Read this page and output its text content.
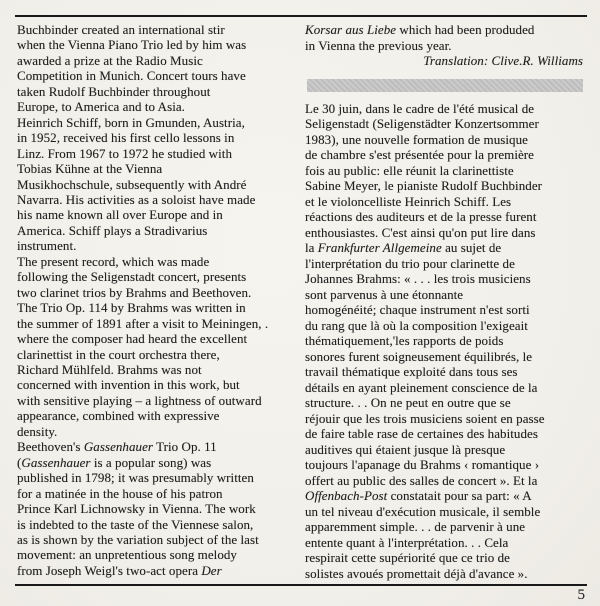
Buchbinder created an international stir
when the Vienna Piano Trio led by him was
awarded a prize at the Radio Music
Competition in Munich. Concert tours have
taken Rudolf Buchbinder throughout
Europe, to America and to Asia.
Heinrich Schiff, born in Gmunden, Austria,
in 1952, received his first cello lessons in
Linz. From 1967 to 1972 he studied with
Tobias Kühne at the Vienna
Musikhochschule, subsequently with André
Navarra. His activities as a soloist have made
his name known all over Europe and in
America. Schiff plays a Stradivarius
instrument.
The present record, which was made
following the Seligenstadt concert, presents
two clarinet trios by Brahms and Beethoven.
The Trio Op. 114 by Brahms was written in
the summer of 1891 after a visit to Meiningen, .
where the composer had heard the excellent
clarinettist in the court orchestra there,
Richard Mühlfeld. Brahms was not
concerned with invention in this work, but
with sensitive playing – a lightness of outward
appearance, combined with expressive
density.
Beethoven's Gassenhauer Trio Op. 11
(Gassenhauer is a popular song) was
published in 1798; it was presumably written
for a matinée in the house of his patron
Prince Karl Lichnowsky in Vienna. The work
is indebted to the taste of the Viennese salon,
as is shown by the variation subject of the last
movement: an unpretentious song melody
from Joseph Weigl's two-act opera Der
Korsar aus Liebe which had been produded
in Vienna the previous year.
Translation: Clive.R. Williams
Le 30 juin, dans le cadre de l'été musical de
Seligenstadt (Seligenstädter Konzertsommer
1983), une nouvelle formation de musique
de chambre s'est présentée pour la première
fois au public: elle réunit la clarinettiste
Sabine Meyer, le pianiste Rudolf Buchbinder
et le violoncelliste Heinrich Schiff. Les
réactions des auditeurs et de la presse furent
enthousiastes. C'est ainsi qu'on put lire dans
la Frankfurter Allgemeine au sujet de
l'interprétation du trio pour clarinette de
Johannes Brahms: « . . . les trois musiciens
sont parvenus à une étonnante
homogénéité; chaque instrument n'est sorti
du rang que là où la composition l'exigeait
thématiquement,'les rapports de poids
sonores furent soigneusement équilibrés, le
travail thématique exploité dans tous ses
détails en ayant pleinement conscience de la
structure. . . On ne peut en outre que se
réjouir que les trois musiciens soient en passe
de faire table rase de certaines des habitudes
auditives qui étaient jusque là presque
toujours l'apanage du Brahms ‹ romantique ›
offert au public des salles de concert ». Et la
Offenbach-Post constatait pour sa part: « A
un tel niveau d'exécution musicale, il semble
apparemment simple. . . de parvenir à une
entente quant à l'interprétation. . . Cela
respirait cette supériorité que ce trio de
solistes avoués promettait déjà d'avance ».
5
